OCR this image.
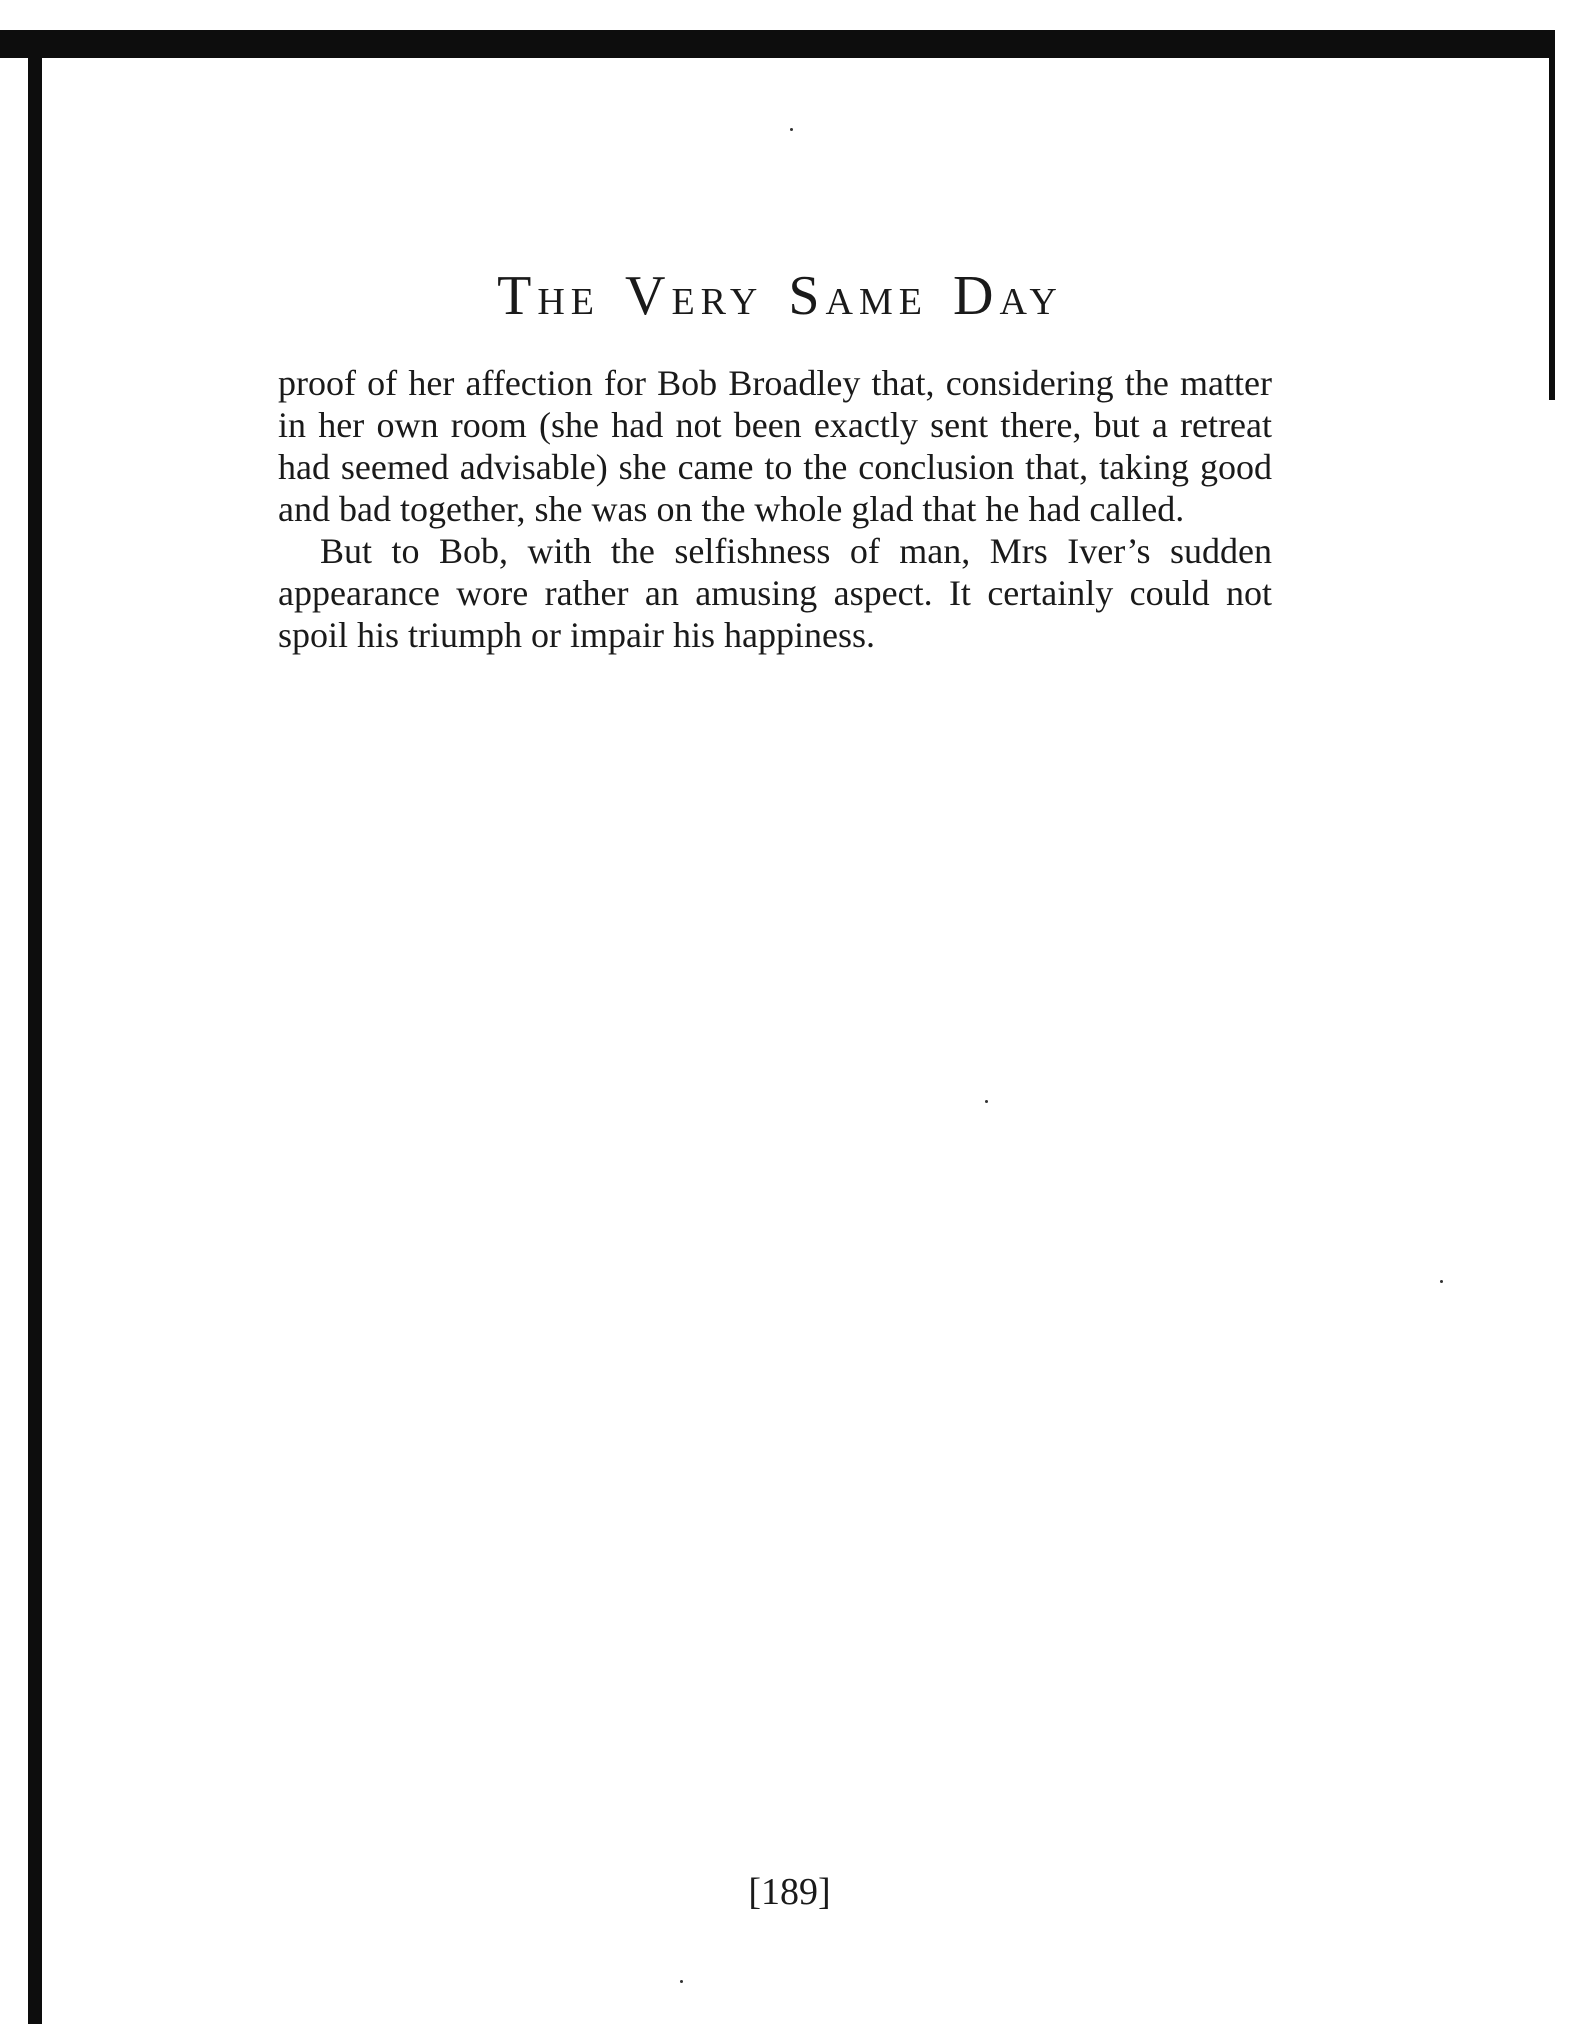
THE  VERY  SAME  DAY

proof of her affection for Bob Broadley that, considering the matter in her own room (she had not been exactly sent there, but a retreat had seemed advisable) she came to the conclusion that, taking good and bad together, she was on the whole glad that he had called.

But to Bob, with the selfishness of man, Mrs Iver’s sudden appearance wore rather an amusing aspect. It certainly could not spoil his triumph or impair his happiness.

[189]
